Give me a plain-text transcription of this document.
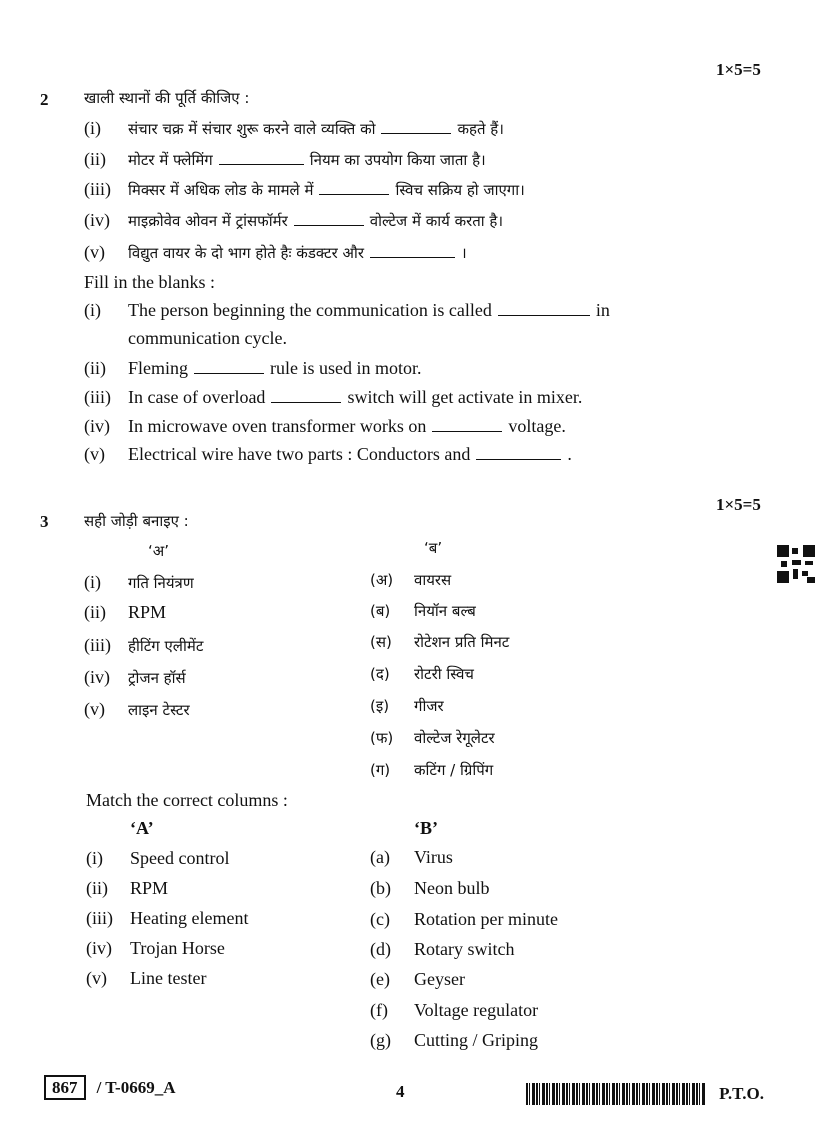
1×5=5
2 खाली स्थानों की पूर्ति कीजिए :
(i) संचार चक्र में संचार शुरू करने वाले व्यक्ति को	कहते हैं।
(ii) मोटर में फ्लेमिंग	नियम का उपयोग किया जाता है।
(iii) मिक्सर में अधिक लोड के मामले में	स्विच सक्रिय हो जाएगा।
(iv) माइक्रोवेव ओवन में ट्रांसफॉर्मर	वोल्टेज में कार्य करता है।
(v) विद्युत वायर के दो भाग होते हैः कंडक्टर और	।
Fill in the blanks :
(i) The person beginning the communication is called	in
communication cycle.
(ii) Fleming	rule is used in motor.
(iii) In case of overload	switch will get activate in mixer.
(iv) In microwave oven transformer works on	voltage.
(v) Electrical wire have two parts : Conductors and	.
1×5=5
3 सही जोड़ी बनाइए :
‘अ’	‘ब’
(i) गति नियंत्रण
(ii) RPM
(iii) हीटिंग एलीमेंट
(iv) ट्रोजन हॉर्स
(v) लाइन टेस्टर
(अ) वायरस
(ब) नियॉन बल्ब
(स) रोटेशन प्रति मिनट
(द) रोटरी स्विच
(इ) गीजर
(फ) वोल्टेज रेगूलेटर
(ग) कटिंग / ग्रिपिंग
Match the correct columns :
‘A’	‘B’
(i) Speed control
(ii) RPM
(iii) Heating element
(iv) Trojan Horse
(v) Line tester
(a) Virus
(b) Neon bulb
(c) Rotation per minute
(d) Rotary switch
(e) Geyser
(f) Voltage regulator
(g) Cutting / Griping
867 / T-0669_A	4	P.T.O.
